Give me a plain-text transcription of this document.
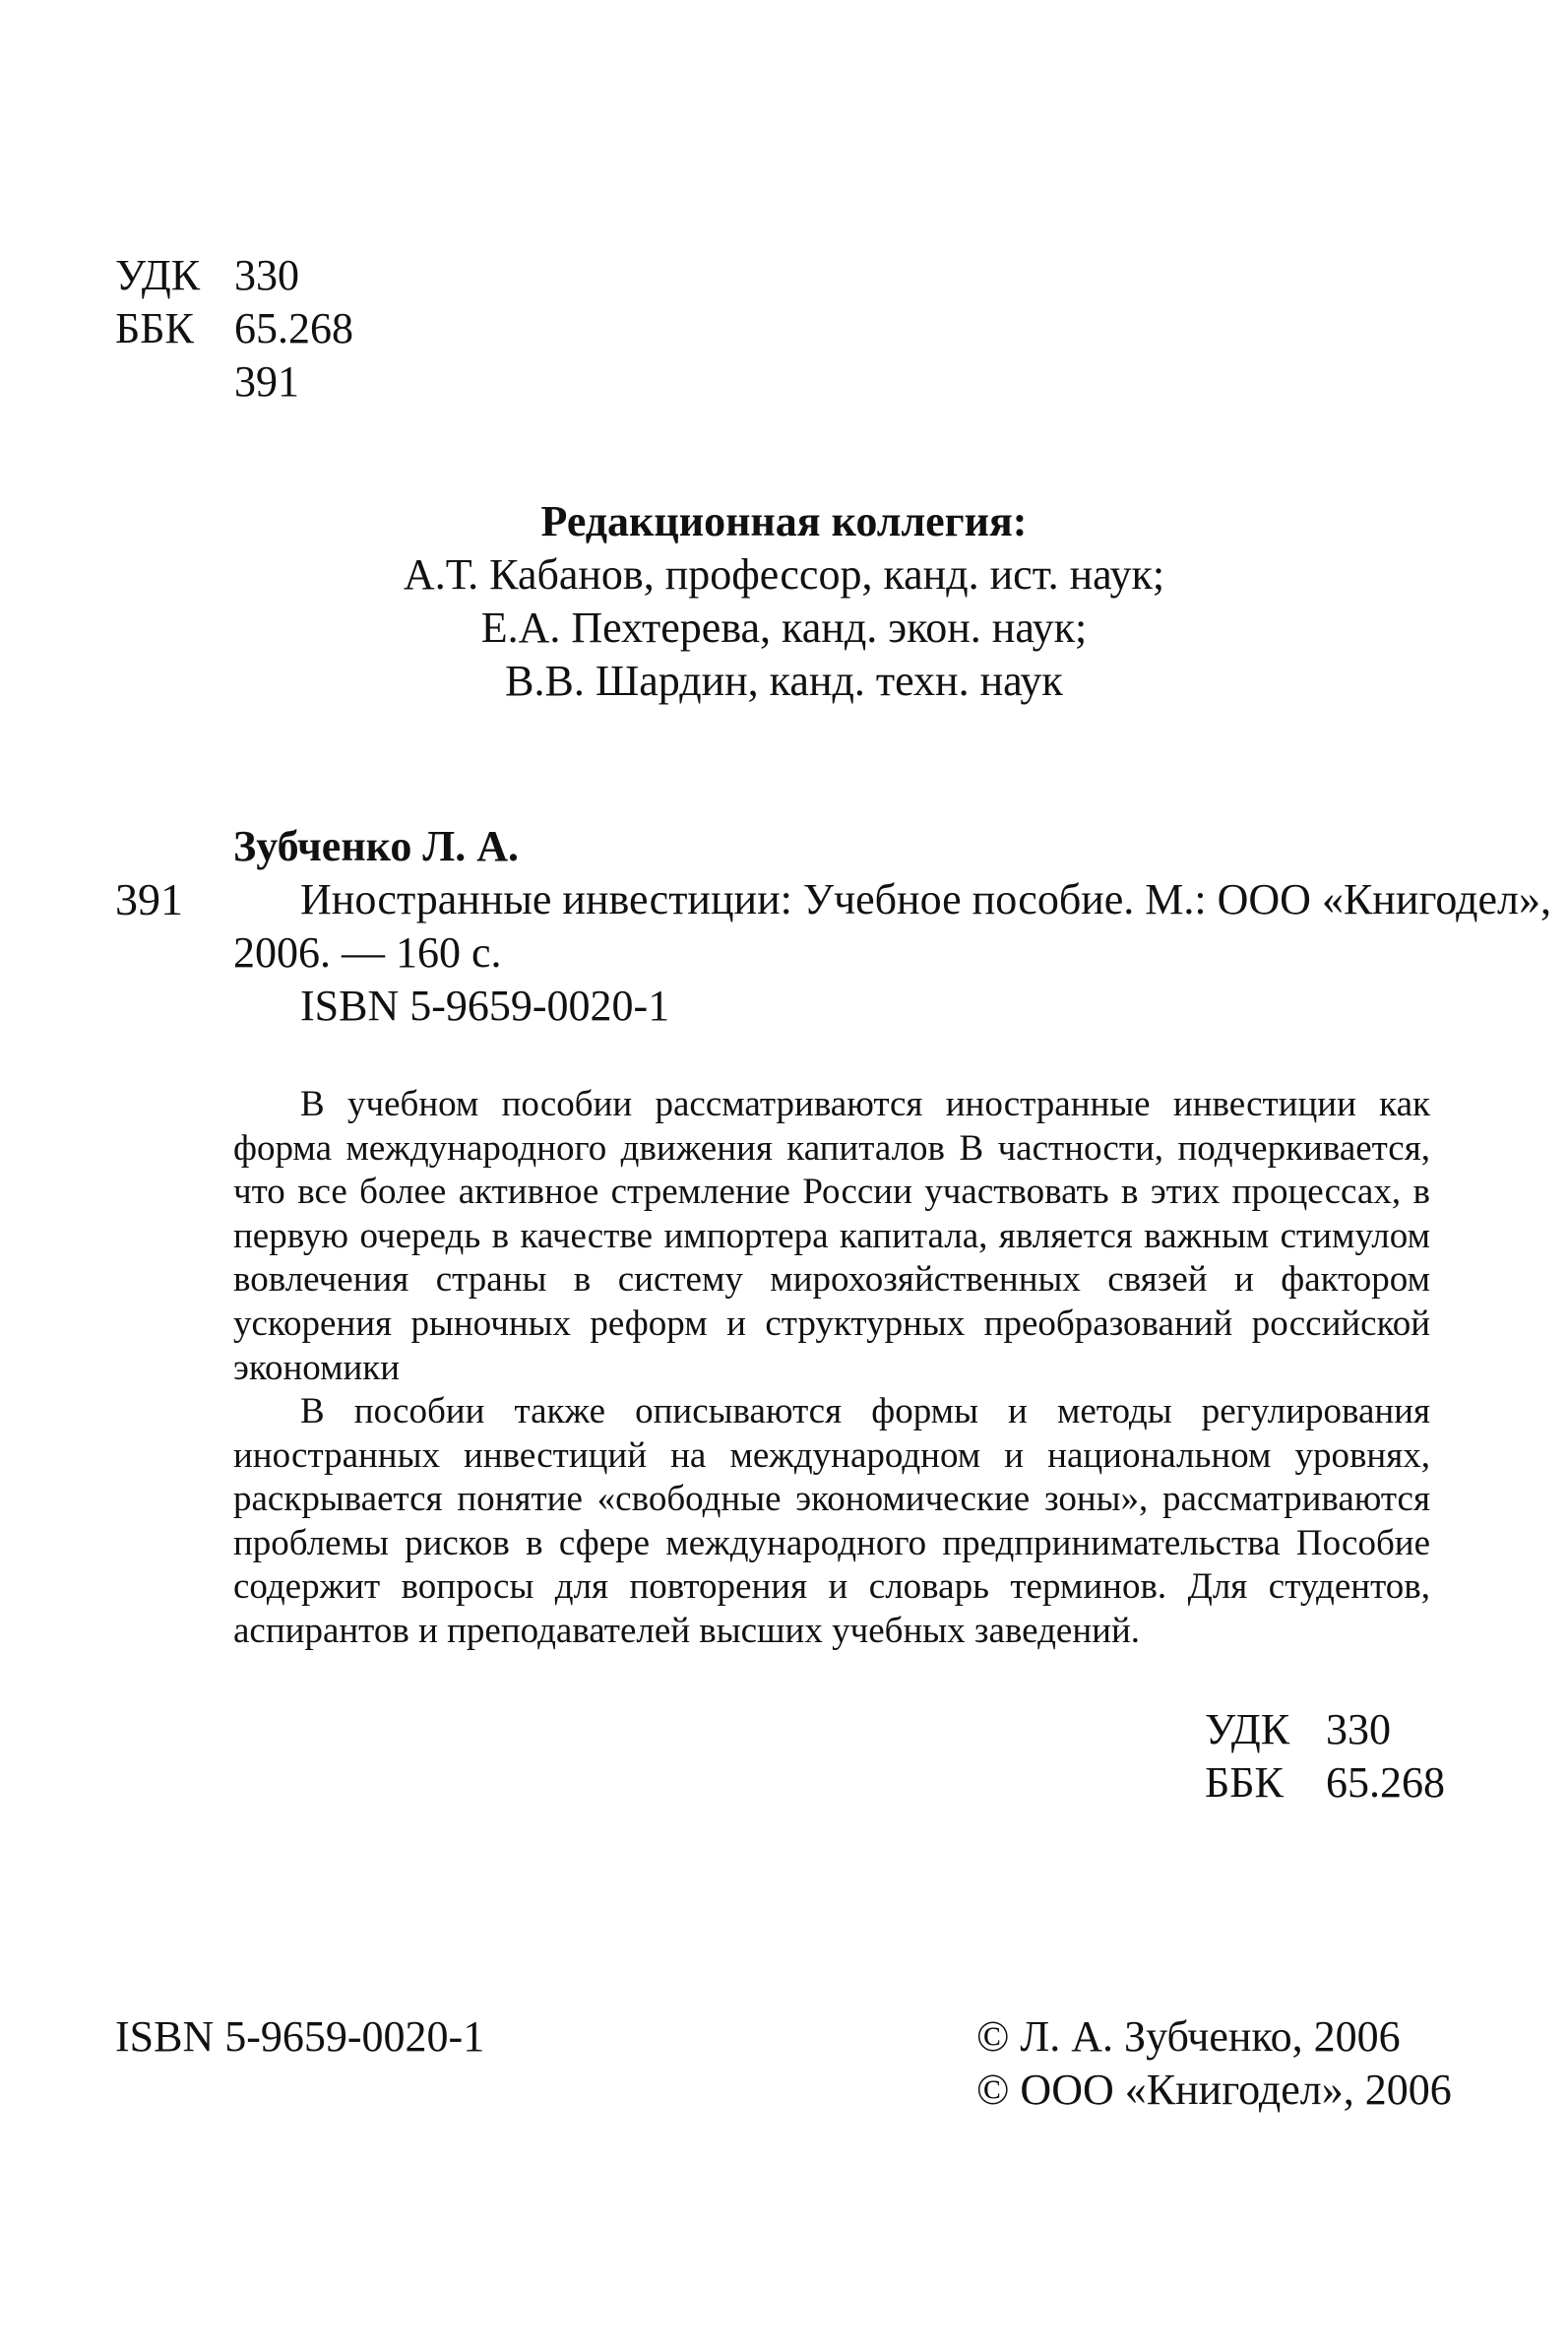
УДК 330
ББК 65.268
391
Редакционная коллегия:
А.Т. Кабанов, профессор, канд. ист. наук;
Е.А. Пехтерева, канд. экон. наук;
В.В. Шардин, канд. техн. наук
Зубченко Л. А.
391	Иностранные инвестиции: Учебное пособие. М.: ООО «Книгодел»,
2006. — 160 с.
ISBN 5-9659-0020-1
В учебном пособии рассматриваются иностранные инвестиции как форма международного движения капиталов В частности, подчеркивается, что все более активное стремление России участвовать в этих процессах, в первую очередь в качестве импортера капитала, является важным стимулом вовлечения страны в систему мирохозяйственных связей и фактором ускорения рыночных реформ и структурных преобразований российской экономики
В пособии также описываются формы и методы регулирования иностранных инвестиций на международном и национальном уровнях, раскрывается понятие «свободные экономические зоны», рассматриваются проблемы рисков в сфере международного предпринимательства Пособие содержит вопросы для повторения и словарь терминов. Для студентов, аспирантов и преподавателей высших учебных заведений.
УДК 330
ББК 65.268
ISBN 5-9659-0020-1	© Л. А. Зубченко, 2006
© ООО «Книгодел», 2006
